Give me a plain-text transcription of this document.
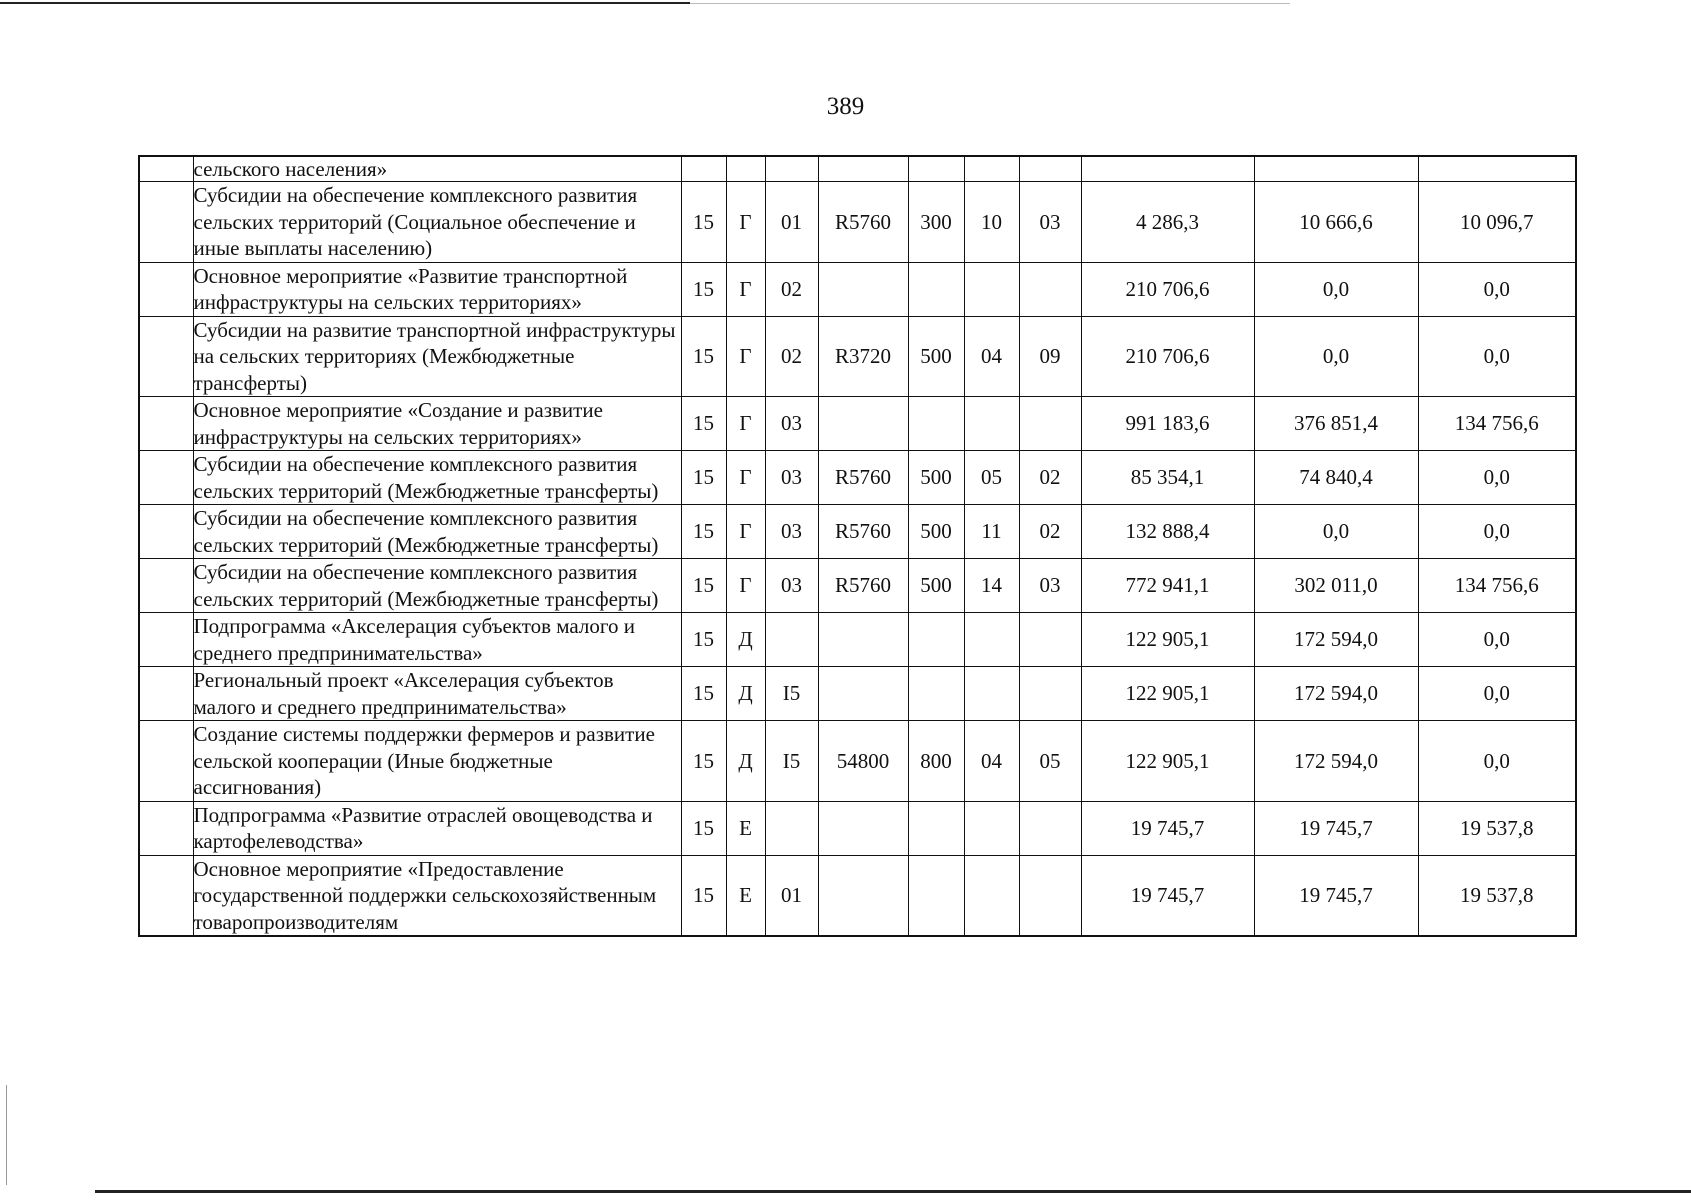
389
	сельского населения»										
	Субсидии на обеспечение комплексного развития сельских территорий (Социальное обеспечение и иные выплаты населению)	15	Г	01	R5760	300	10	03	4 286,3	10 666,6	10 096,7
	Основное мероприятие «Развитие транспортной инфраструктуры на сельских территориях»	15	Г	02					210 706,6	0,0	0,0
	Субсидии на развитие транспортной инфраструктуры на сельских территориях (Межбюджетные трансферты)	15	Г	02	R3720	500	04	09	210 706,6	0,0	0,0
	Основное мероприятие «Создание и развитие инфраструктуры на сельских территориях»	15	Г	03					991 183,6	376 851,4	134 756,6
	Субсидии на обеспечение комплексного развития сельских территорий (Межбюджетные трансферты)	15	Г	03	R5760	500	05	02	85 354,1	74 840,4	0,0
	Субсидии на обеспечение комплексного развития сельских территорий (Межбюджетные трансферты)	15	Г	03	R5760	500	11	02	132 888,4	0,0	0,0
	Субсидии на обеспечение комплексного развития сельских территорий (Межбюджетные трансферты)	15	Г	03	R5760	500	14	03	772 941,1	302 011,0	134 756,6
	Подпрограмма «Акселерация субъектов малого и среднего предпринимательства»	15	Д						122 905,1	172 594,0	0,0
	Региональный проект «Акселерация субъектов малого и среднего предпринимательства»	15	Д	I5					122 905,1	172 594,0	0,0
	Создание системы поддержки фермеров и развитие сельской кооперации (Иные бюджетные ассигнования)	15	Д	I5	54800	800	04	05	122 905,1	172 594,0	0,0
	Подпрограмма «Развитие отраслей овощеводства и картофелеводства»	15	Е						19 745,7	19 745,7	19 537,8
	Основное мероприятие «Предоставление государственной поддержки сельскохозяйственным товаропроизводителям	15	Е	01					19 745,7	19 745,7	19 537,8
